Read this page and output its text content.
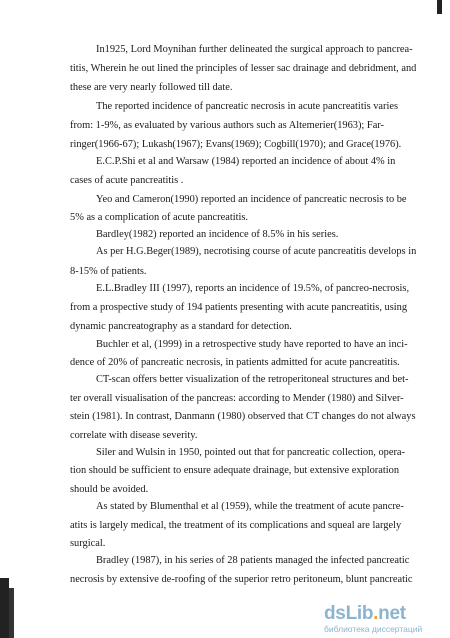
In1925, Lord Moynihan further delineated the surgical approach to pancrea-
titis, Wherein he out lined the principles of lesser sac drainage and debridment, and
these are very nearly followed till date.
The reported incidence of pancreatic necrosis in acute pancreatitis varies
from: 1-9%, as evaluated by various authors such as Altemerier(1963); Far-
ringer(1966-67); Lukash(1967); Evans(1969); Cogbill(1970); and Grace(1976).
E.C.P.Shi et al and Warsaw (1984) reported an incidence of about 4% in
cases of acute pancreatitis .
Yeo and Cameron(1990) reported an incidence of pancreatic necrosis to be
5% as a complication of acute pancreatitis.
Bardley(1982) reported an incidence of 8.5% in his series.
As per H.G.Beger(1989), necrotising course of acute pancreatitis develops in
8-15% of patients.
E.L.Bradley III (1997), reports an incidence of 19.5%, of pancreo-necrosis,
from a prospective study of 194 patients presenting with acute pancreatitis, using
dynamic pancreatography as a standard for detection.
Buchler et al, (1999) in a retrospective study have reported to have an inci-
dence of 20% of pancreatic necrosis, in patients admitted for acute pancreatitis.
CT-scan offers better visualization of the retroperitoneal structures and bet-
ter overall visualisation of the pancreas: according to Mender (1980) and Silver-
stein (1981). In contrast, Danmann (1980) observed that CT changes do not always
correlate with disease severity.
Siler and Wulsin in 1950, pointed out that for pancreatic collection, opera-
tion should be sufficient to ensure adequate drainage, but extensive exploration
should be avoided.
As stated by Blumenthal et al (1959), while the treatment of acute pancre-
atits is largely medical, the treatment of its complications and squeal are largely
surgical.
Bradley (1987), in his series of 28 patients managed the infected pancreatic
necrosis by extensive de-roofing of the superior retro peritoneum, blunt pancreatic
dsLib.net
библиотека диссертаций
